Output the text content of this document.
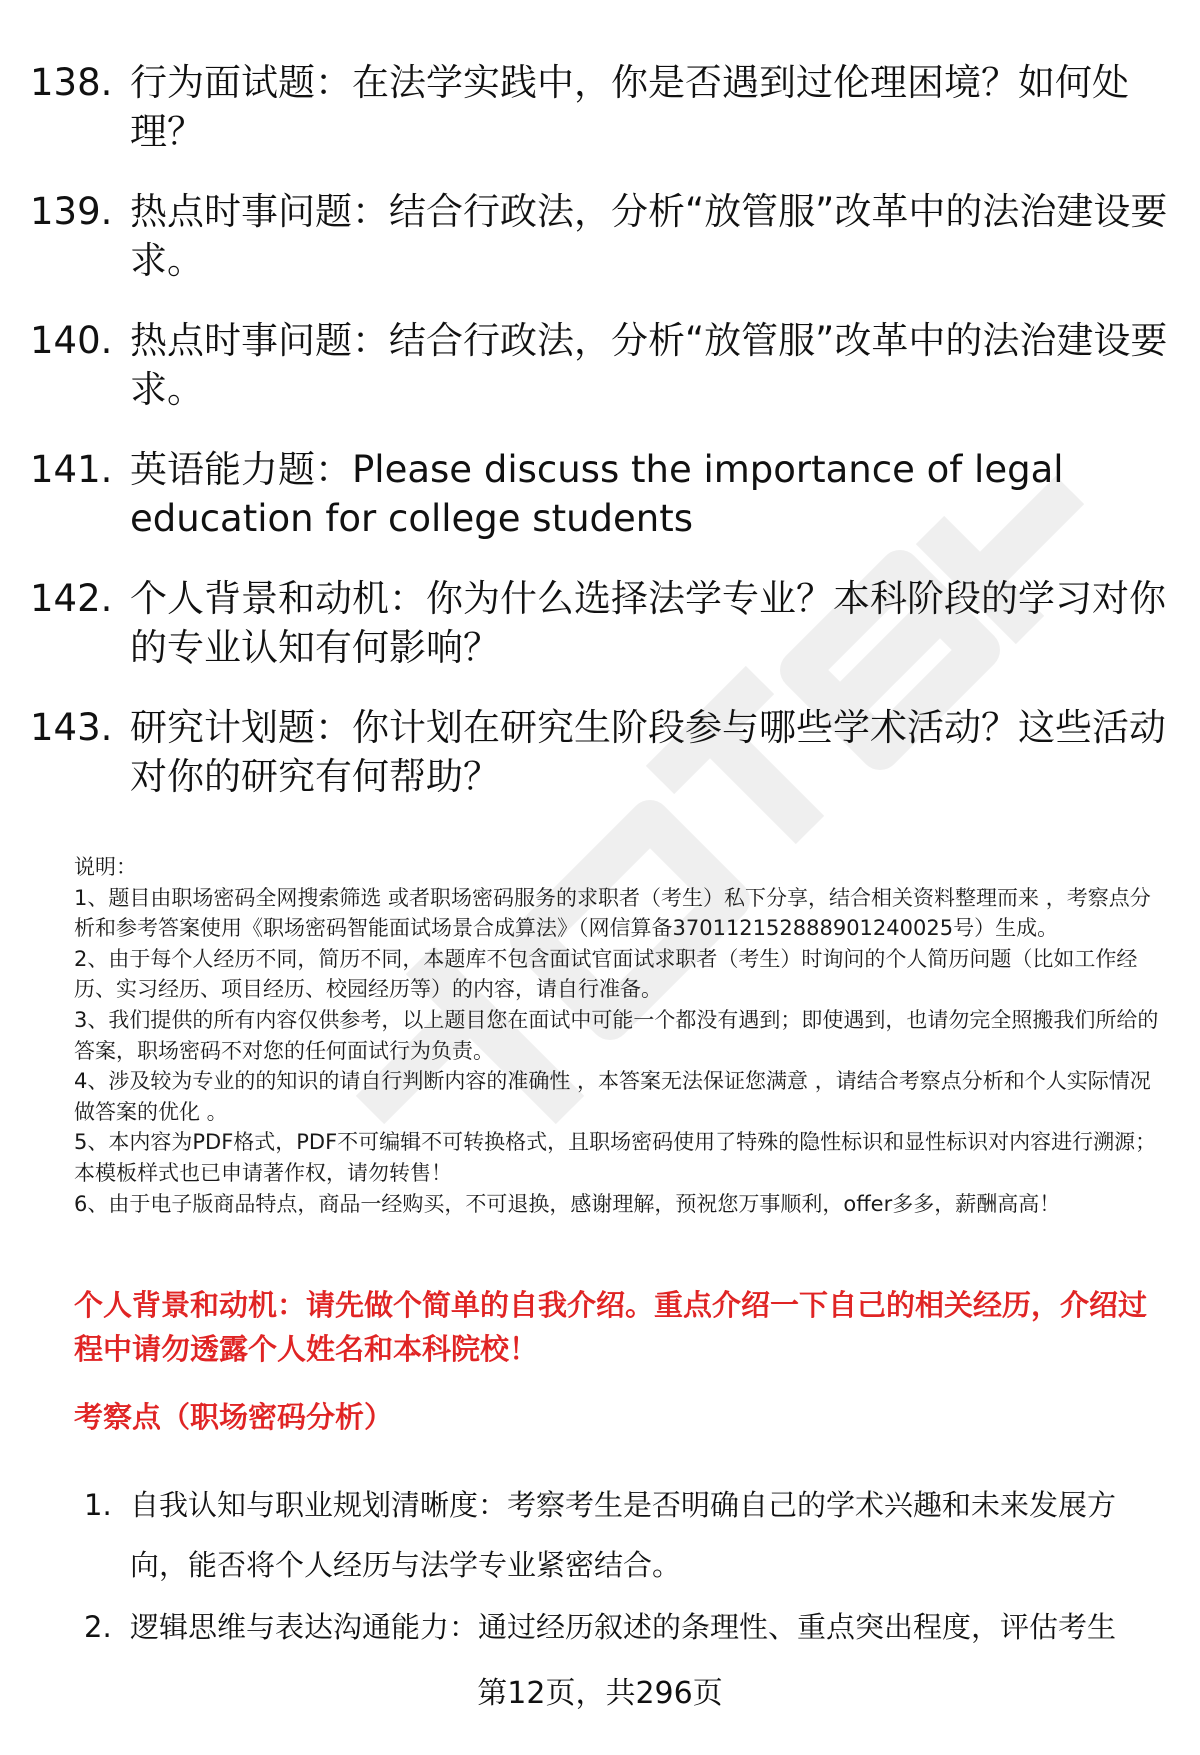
138. 行为面试题：在法学实践中，你是否遇到过伦理困境？如何处理？
139. 热点时事问题：结合行政法，分析“放管服”改革中的法治建设要求。
140. 热点时事问题：结合行政法，分析“放管服”改革中的法治建设要求。
141. 英语能力题：Please discuss the importance of legal education for college students
142. 个人背景和动机：你为什么选择法学专业？本科阶段的学习对你的专业认知有何影响？
143. 研究计划题：你计划在研究生阶段参与哪些学术活动？这些活动对你的研究有何帮助？

说明：

1、题目由职场密码全网搜索筛选 或者职场密码服务的求职者（考生）私下分享，结合相关资料整理而来 ，考察点分析和参考答案使用《职场密码智能面试场景合成算法》（网信算备370112152888901240025号）生成。

2、由于每个人经历不同，简历不同，本题库不包含面试官面试求职者（考生）时询问的个人简历问题（比如工作经历、实习经历、项目经历、校园经历等）的内容，请自行准备。

3、我们提供的所有内容仅供参考，以上题目您在面试中可能一个都没有遇到；即使遇到，也请勿完全照搬我们所给的答案，职场密码不对您的任何面试行为负责。

4、涉及较为专业的的知识的请自行判断内容的准确性 ，本答案无法保证您满意 ，请结合考察点分析和个人实际情况做答案的优化 。

5、本内容为PDF格式，PDF不可编辑不可转换格式，且职场密码使用了特殊的隐性标识和显性标识对内容进行溯源；本模板样式也已申请著作权，请勿转售！

6、由于电子版商品特点，商品一经购买，不可退换，感谢理解，预祝您万事顺利，offer多多，薪酬高高！

个人背景和动机：请先做个简单的自我介绍。重点介绍一下自己的相关经历，介绍过程中请勿透露个人姓名和本科院校！
考察点（职场密码分析）
1. 自我认知与职业规划清晰度：考察考生是否明确自己的学术兴趣和未来发展方向，能否将个人经历与法学专业紧密结合。
2. 逻辑思维与表达沟通能力：通过经历叙述的条理性、重点突出程度，评估考生
第12页，共296页
